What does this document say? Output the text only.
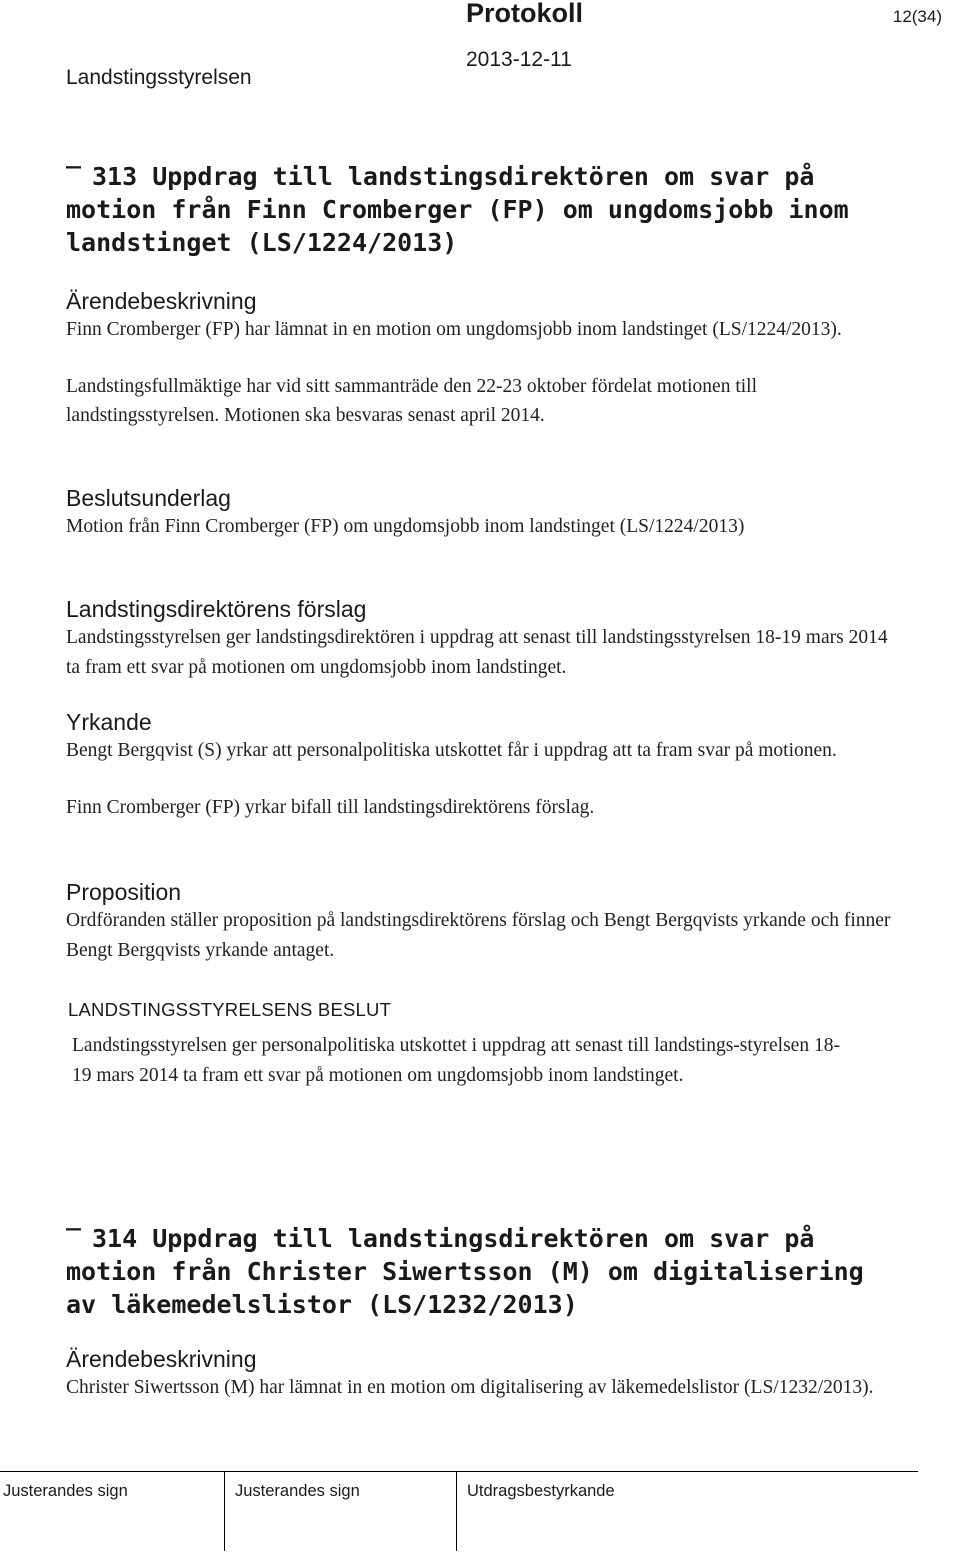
Landstingsstyrelsen
Protokoll
2013-12-11
12(34)

‾ 313 Uppdrag till landstingsdirektören om svar på motion från Finn Cromberger (FP) om ungdomsjobb inom landstinget (LS/1224/2013)

Ärendebeskrivning

Finn Cromberger (FP) har lämnat in en motion om ungdomsjobb inom landstinget (LS/1224/2013).

Landstingsfullmäktige har vid sitt sammanträde den 22-23 oktober fördelat motionen till landstingsstyrelsen. Motionen ska besvaras senast april 2014.

Beslutsunderlag

Motion från Finn Cromberger (FP) om ungdomsjobb inom landstinget (LS/1224/2013)

Landstingsdirektörens förslag

Landstingsstyrelsen ger landstingsdirektören i uppdrag att senast till landstingsstyrelsen 18-19 mars 2014 ta fram ett svar på motionen om ungdomsjobb inom landstinget.

Yrkande

Bengt Bergqvist (S) yrkar att personalpolitiska utskottet får i uppdrag att ta fram svar på motionen.

Finn Cromberger (FP) yrkar bifall till landstingsdirektörens förslag.

Proposition

Ordföranden ställer proposition på landstingsdirektörens förslag och Bengt Bergqvists yrkande och finner Bengt Bergqvists yrkande antaget.

LANDSTINGSSTYRELSENS BESLUT

Landstingsstyrelsen ger personalpolitiska utskottet i uppdrag att senast till landstings-styrelsen 18-19 mars 2014 ta fram ett svar på motionen om ungdomsjobb inom landstinget.

‾ 314 Uppdrag till landstingsdirektören om svar på motion från Christer Siwertsson (M) om digitalisering av läkemedelslistor (LS/1232/2013)

Ärendebeskrivning

Christer Siwertsson (M) har lämnat in en motion om digitalisering av läkemedelslistor (LS/1232/2013).

Justerandes sign	Justerandes sign	Utdragsbestyrkande
